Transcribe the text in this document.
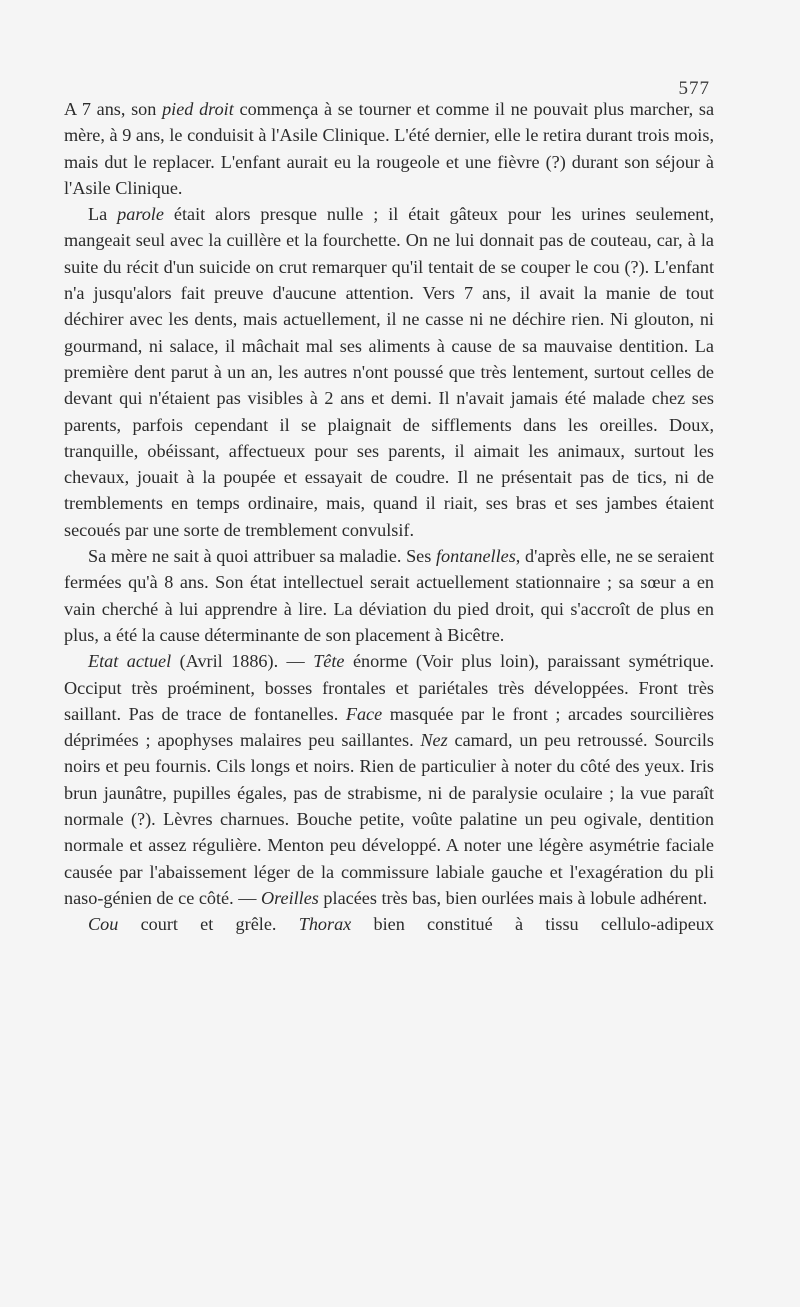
577

A 7 ans, son pied droit commença à se tourner et comme il ne pouvait plus marcher, sa mère, à 9 ans, le conduisit à l'Asile Clinique. L'été dernier, elle le retira durant trois mois, mais dut le replacer. L'enfant aurait eu la rougeole et une fièvre (?) durant son séjour à l'Asile Clinique.

La parole était alors presque nulle ; il était gâteux pour les urines seulement, mangeait seul avec la cuillère et la fourchette. On ne lui donnait pas de couteau, car, à la suite du récit d'un suicide on crut remarquer qu'il tentait de se couper le cou (?). L'enfant n'a jusqu'alors fait preuve d'aucune attention. Vers 7 ans, il avait la manie de tout déchirer avec les dents, mais actuellement, il ne casse ni ne déchire rien. Ni glouton, ni gourmand, ni salace, il mâchait mal ses aliments à cause de sa mauvaise dentition. La première dent parut à un an, les autres n'ont poussé que très lentement, surtout celles de devant qui n'étaient pas visibles à 2 ans et demi. Il n'avait jamais été malade chez ses parents, parfois cependant il se plaignait de sifflements dans les oreilles. Doux, tranquille, obéissant, affectueux pour ses parents, il aimait les animaux, surtout les chevaux, jouait à la poupée et essayait de coudre. Il ne présentait pas de tics, ni de tremblements en temps ordinaire, mais, quand il riait, ses bras et ses jambes étaient secoués par une sorte de tremblement convulsif.

Sa mère ne sait à quoi attribuer sa maladie. Ses fontanelles, d'après elle, ne se seraient fermées qu'à 8 ans. Son état intellectuel serait actuellement stationnaire ; sa sœur a en vain cherché à lui apprendre à lire. La déviation du pied droit, qui s'accroît de plus en plus, a été la cause déterminante de son placement à Bicêtre.

Etat actuel (Avril 1886). — Tête énorme (Voir plus loin), paraissant symétrique. Occiput très proéminent, bosses frontales et pariétales très développées. Front très saillant. Pas de trace de fontanelles. Face masquée par le front ; arcades sourcilières déprimées ; apophyses malaires peu saillantes. Nez camard, un peu retroussé. Sourcils noirs et peu fournis. Cils longs et noirs. Rien de particulier à noter du côté des yeux. Iris brun jaunâtre, pupilles égales, pas de strabisme, ni de paralysie oculaire ; la vue paraît normale (?). Lèvres charnues. Bouche petite, voûte palatine un peu ogivale, dentition normale et assez régulière. Menton peu développé. A noter une légère asymétrie faciale causée par l'abaissement léger de la commissure labiale gauche et l'exagération du pli naso-génien de ce côté. — Oreilles placées très bas, bien ourlées mais à lobule adhérent.

Cou court et grêle. Thorax bien constitué à tissu cellulo-adipeux
